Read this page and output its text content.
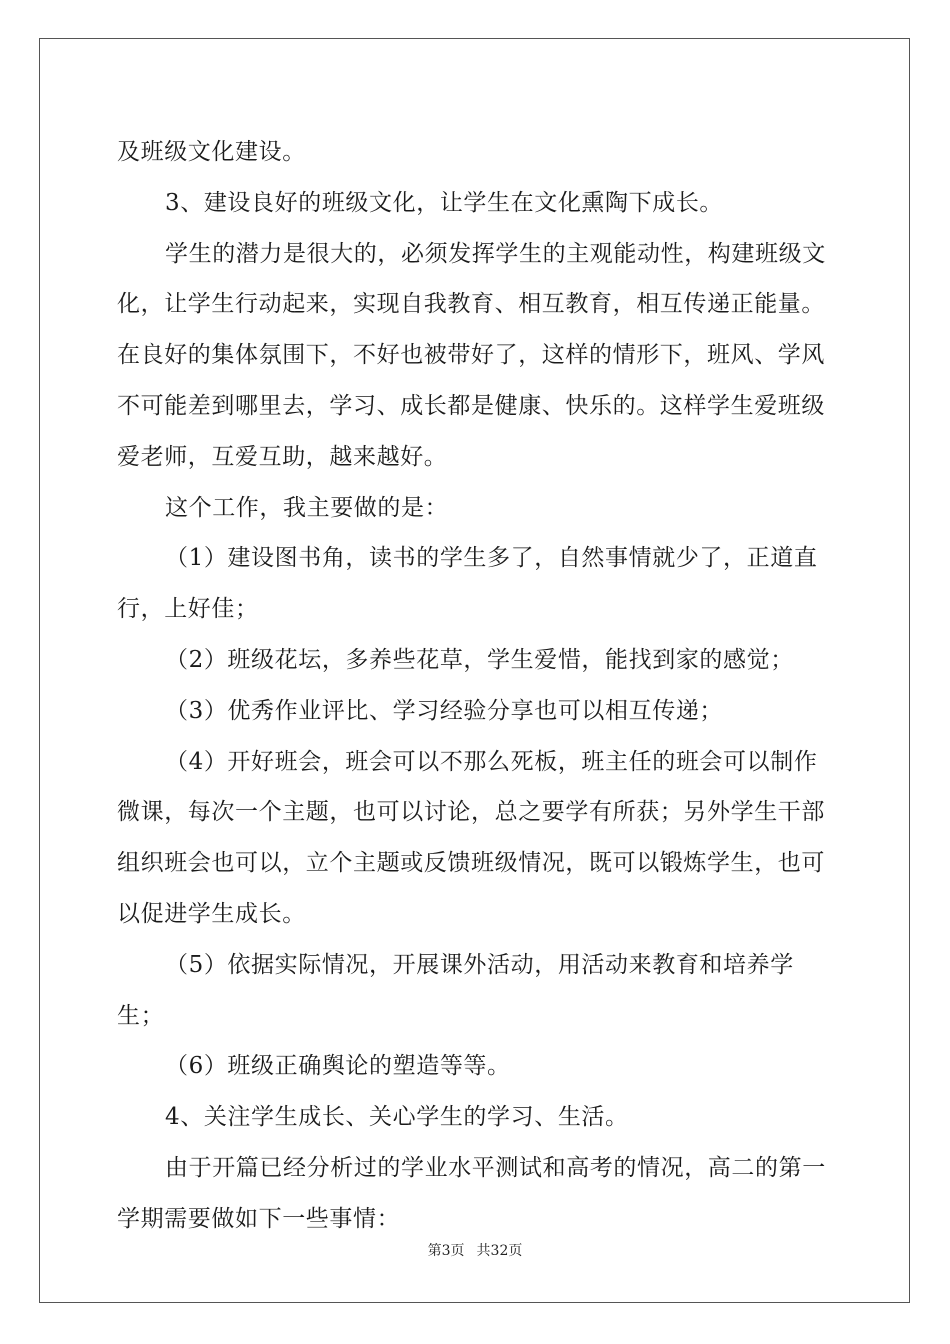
及班级文化建设。

3、建设良好的班级文化，让学生在文化熏陶下成长。

学生的潜力是很大的，必须发挥学生的主观能动性，构建班级文化，让学生行动起来，实现自我教育、相互教育，相互传递正能量。在良好的集体氛围下，不好也被带好了，这样的情形下，班风、学风不可能差到哪里去，学习、成长都是健康、快乐的。这样学生爱班级爱老师，互爱互助，越来越好。

这个工作，我主要做的是：

（1）建设图书角，读书的学生多了，自然事情就少了，正道直行，上好佳；

（2）班级花坛，多养些花草，学生爱惜，能找到家的感觉；

（3）优秀作业评比、学习经验分享也可以相互传递；

（4）开好班会，班会可以不那么死板，班主任的班会可以制作微课，每次一个主题，也可以讨论，总之要学有所获；另外学生干部组织班会也可以，立个主题或反馈班级情况，既可以锻炼学生，也可以促进学生成长。

（5）依据实际情况，开展课外活动，用活动来教育和培养学生；

（6）班级正确舆论的塑造等等。

4、关注学生成长、关心学生的学习、生活。

由于开篇已经分析过的学业水平测试和高考的情况，高二的第一学期需要做如下一些事情：

第3页 共32页
